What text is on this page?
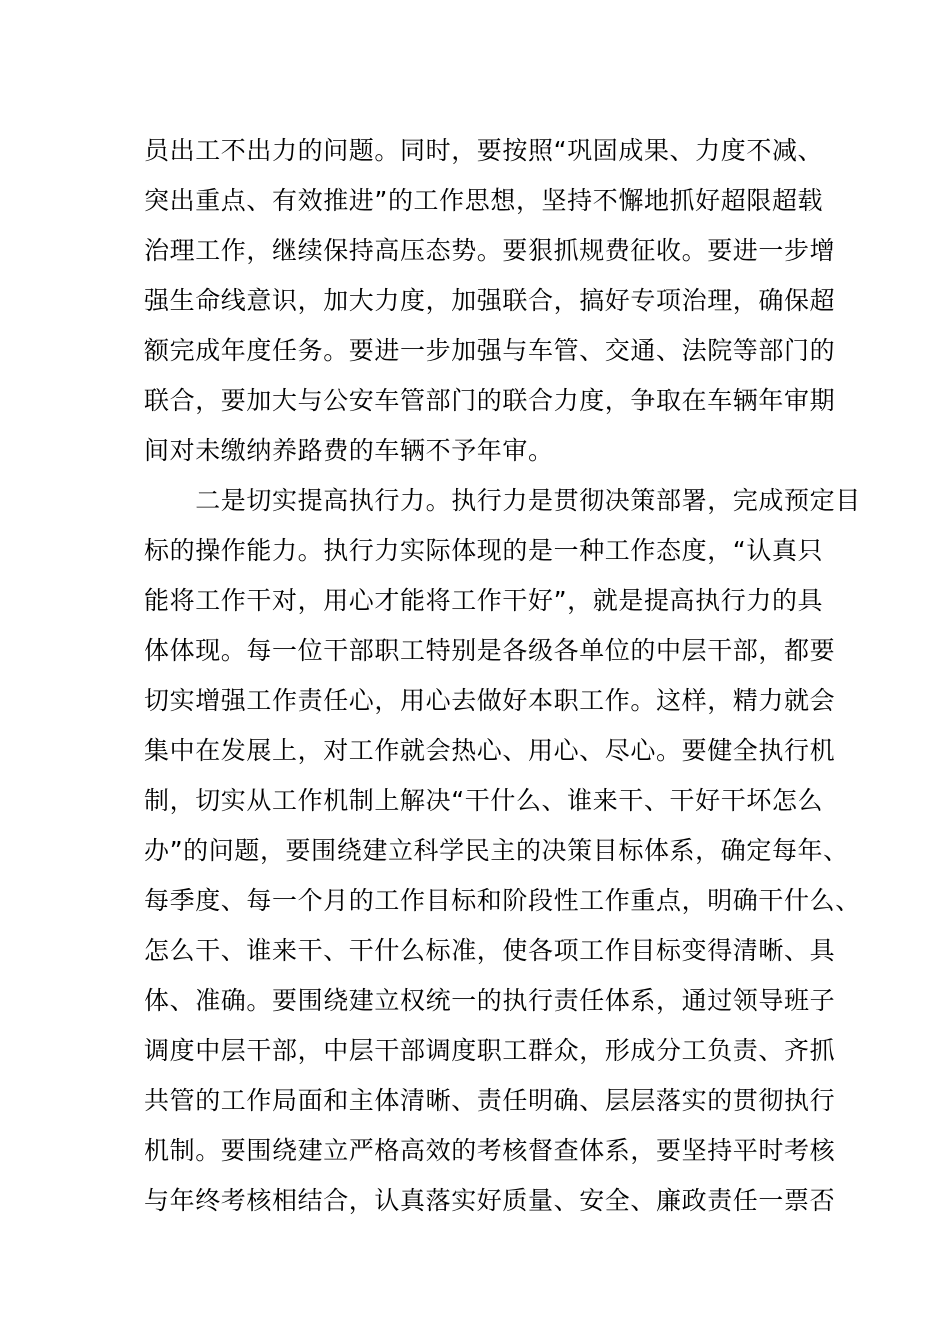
员出工不出力的问题。同时，要按照“巩固成果、力度不减、
突出重点、有效推进”的工作思想，坚持不懈地抓好超限超载
治理工作，继续保持高压态势。要狠抓规费征收。要进一步增
强生命线意识，加大力度，加强联合，搞好专项治理，确保超
额完成年度任务。要进一步加强与车管、交通、法院等部门的
联合，要加大与公安车管部门的联合力度，争取在车辆年审期
间对未缴纳养路费的车辆不予年审。
　　二是切实提高执行力。执行力是贯彻决策部署，完成预定目
标的操作能力。执行力实际体现的是一种工作态度，“认真只
能将工作干对，用心才能将工作干好”，就是提高执行力的具
体体现。每一位干部职工特别是各级各单位的中层干部，都要
切实增强工作责任心，用心去做好本职工作。这样，精力就会
集中在发展上，对工作就会热心、用心、尽心。要健全执行机
制，切实从工作机制上解决“干什么、谁来干、干好干坏怎么
办”的问题，要围绕建立科学民主的决策目标体系，确定每年、
每季度、每一个月的工作目标和阶段性工作重点，明确干什么、
怎么干、谁来干、干什么标准，使各项工作目标变得清晰、具
体、准确。要围绕建立权统一的执行责任体系，通过领导班子
调度中层干部，中层干部调度职工群众，形成分工负责、齐抓
共管的工作局面和主体清晰、责任明确、层层落实的贯彻执行
机制。要围绕建立严格高效的考核督查体系，要坚持平时考核
与年终考核相结合，认真落实好质量、安全、廉政责任一票否
